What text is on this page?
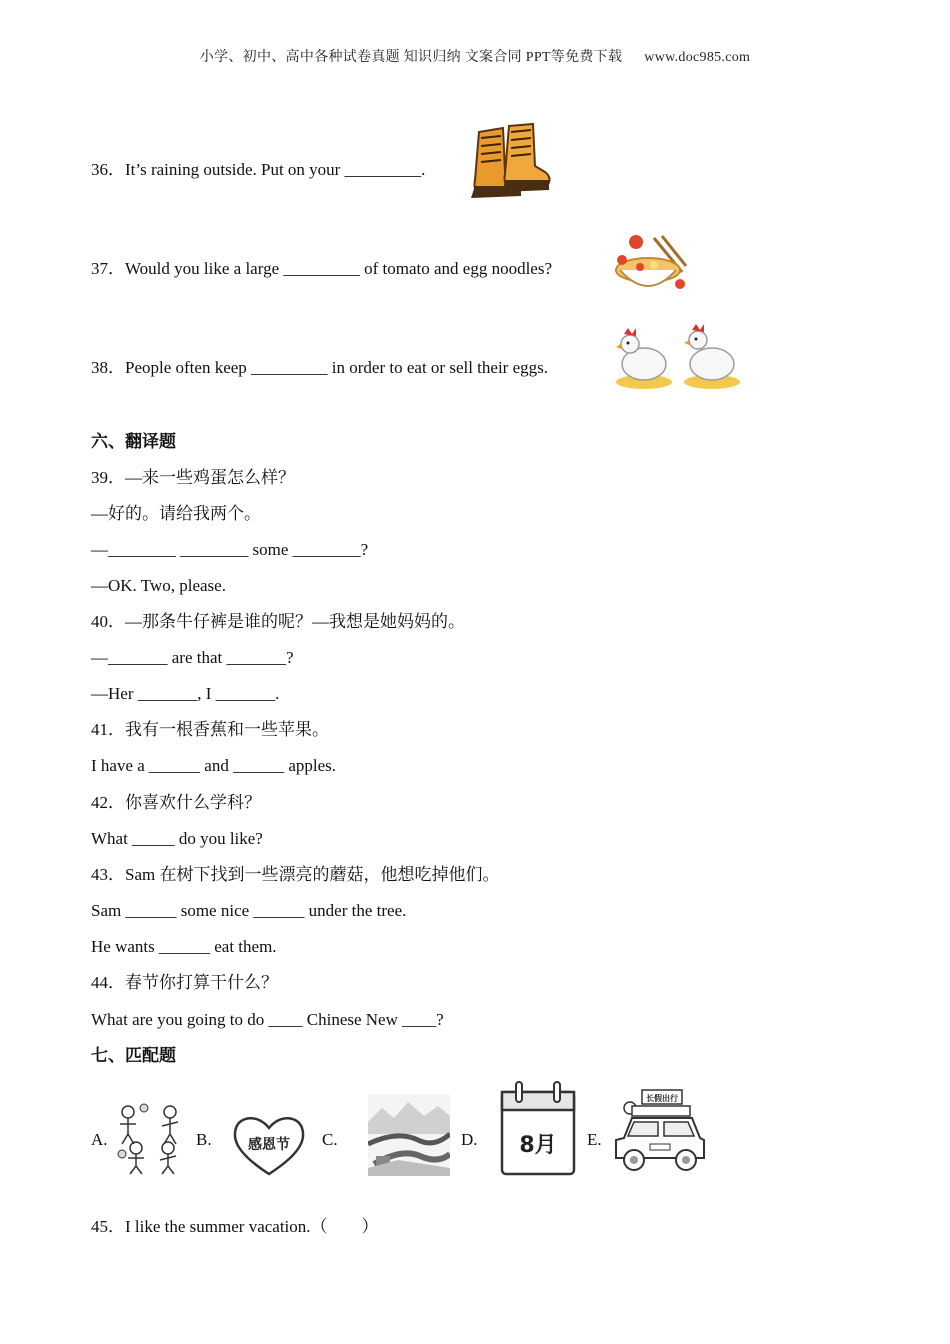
小学、初中、高中各种试卷真题 知识归纳 文案合同 PPT等免费下载 www.doc985.com
36．It’s raining outside. Put on your _________.
37．Would you like a large _________ of tomato and egg noodles?
38．People often keep _________ in order to eat or sell their eggs.
六、翻译题
39．—来一些鸡蛋怎么样？
—好的。请给我两个。
—________ ________ some ________?
—OK. Two, please.
40．—那条牛仔裤是谁的呢？—我想是她妈妈的。
—_______ are that _______?
—Her _______, I _______.
41．我有一根香蕉和一些苹果。
I have a ______ and ______ apples.
42．你喜欢什么学科？
What _____ do you like?
43．Sam 在树下找到一些漂亮的蘑菇，他想吃掉他们。
Sam ______ some nice ______ under the tree.
He wants ______ eat them.
44．春节你打算干什么？
What are you going to do ____ Chinese New ____?
七、匹配题
A.	B.	感恩节 C.	D. 8月 E.
长假出行
45．I like the summer vacation.（　　）
